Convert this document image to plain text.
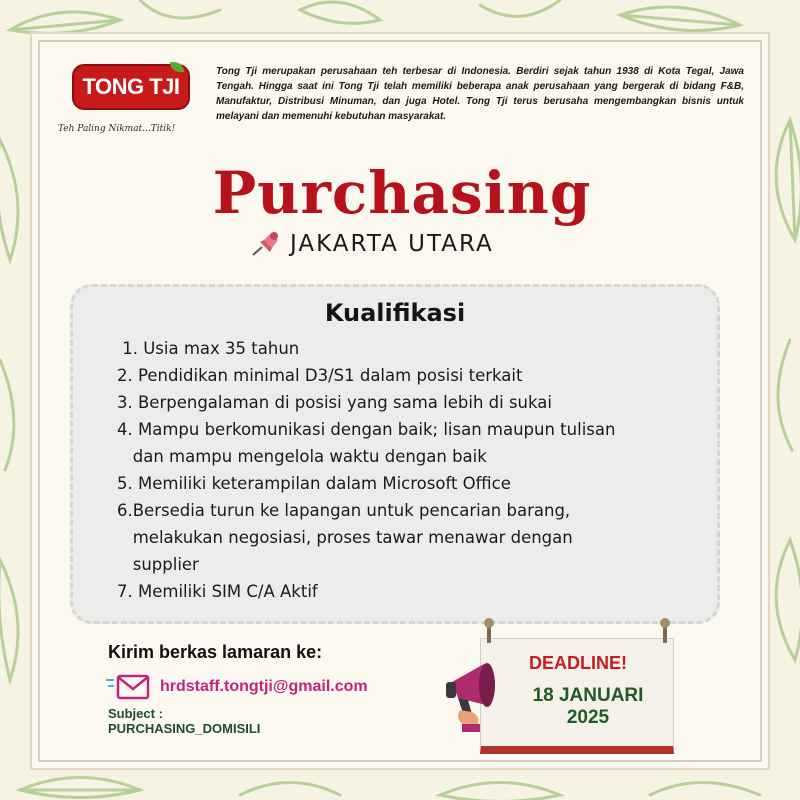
TONG TJI
Teh Paling Nikmat...Titik!

Tong Tji merupakan perusahaan teh terbesar di Indonesia. Berdiri sejak tahun 1938 di Kota Tegal, Jawa Tengah. Hingga saat ini Tong Tji telah memiliki beberapa anak perusahaan yang bergerak di bidang F&B, Manufaktur, Distribusi Minuman, dan juga Hotel. Tong Tji terus berusaha mengembangkan bisnis untuk melayani dan memenuhi kebutuhan masyarakat.

Purchasing
JAKARTA UTARA
Kualifikasi
1. Usia max 35 tahun
2. Pendidikan minimal D3/S1 dalam posisi terkait
3. Berpengalaman di posisi yang sama lebih di sukai
4. Mampu berkomunikasi dengan baik; lisan maupun tulisan
dan mampu mengelola waktu dengan baik
5. Memiliki keterampilan dalam Microsoft Office
6.Bersedia turun ke lapangan untuk pencarian barang,
melakukan negosiasi, proses tawar menawar dengan
supplier
7. Memiliki SIM C/A Aktif
Kirim berkas lamaran ke:
hrdstaff.tongtji@gmail.com
Subject :
PURCHASING_DOMISILI
DEADLINE!
18 JANUARI
2025
